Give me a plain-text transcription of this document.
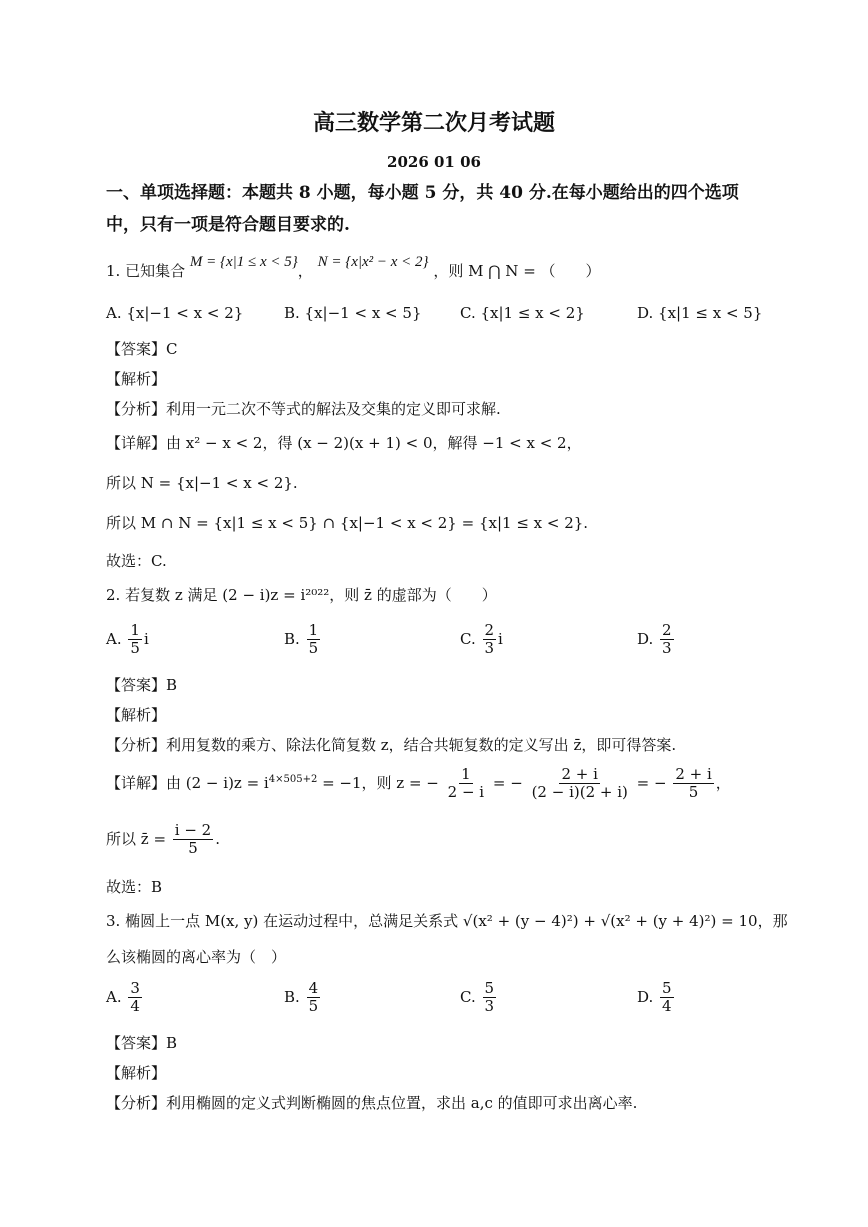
高三数学第二次月考试题
2026 01 06
一、单项选择题：本题共 8 小题，每小题 5 分，共 40 分.在每小题给出的四个选项
中，只有一项是符合题目要求的.
1. 已知集合 M = {x|1 ≤ x < 5}， N = {x|x² − x < 2} ，则 M ⋂ N = （　　）
A. {x|−1 < x < 2}	B. {x|−1 < x < 5}	C. {x|1 ≤ x < 2}	D. {x|1 ≤ x < 5}
【答案】C
【解析】
【分析】利用一元二次不等式的解法及交集的定义即可求解.
【详解】由 x² − x < 2，得 (x − 2)(x + 1) < 0，解得 −1 < x < 2，
所以 N = {x|−1 < x < 2}.
所以 M ∩ N = {x|1 ≤ x < 5} ∩ {x|−1 < x < 2} = {x|1 ≤ x < 2}.
故选：C.
2. 若复数 z 满足 (2 − i)z = i²⁰²²，则 z̄ 的虚部为（　　）
A. $\frac{1}{5}$ i	B. $\frac{1}{5}$	C. $\frac{2}{3}$ i	D. $\frac{2}{3}$
【答案】B
【解析】
【分析】利用复数的乘方、除法化简复数 z，结合共轭复数的定义写出 z̄，即可得答案.
【详解】由 $(2 - i)z = i^{4\times 505+2} = -1$，则 z = − $\frac{1}{2 - i}$ = − $\frac{2 + i}{(2 - i)(2 + i)}$ = − $\frac{2 + i}{5}$ ，
所以 z̄ = $\frac{i - 2}{5}$ .
故选：B
3. 椭圆上一点 M(x, y) 在运动过程中，总满足关系式 √(x² + (y − 4)²) + √(x² + (y + 4)²) = 10，那
么该椭圆的离心率为（　）
A. $\frac{3}{4}$	B. $\frac{4}{5}$	C. $\frac{5}{3}$	D. $\frac{5}{4}$
【答案】B
【解析】
【分析】利用椭圆的定义式判断椭圆的焦点位置，求出 a,c 的值即可求出离心率.
